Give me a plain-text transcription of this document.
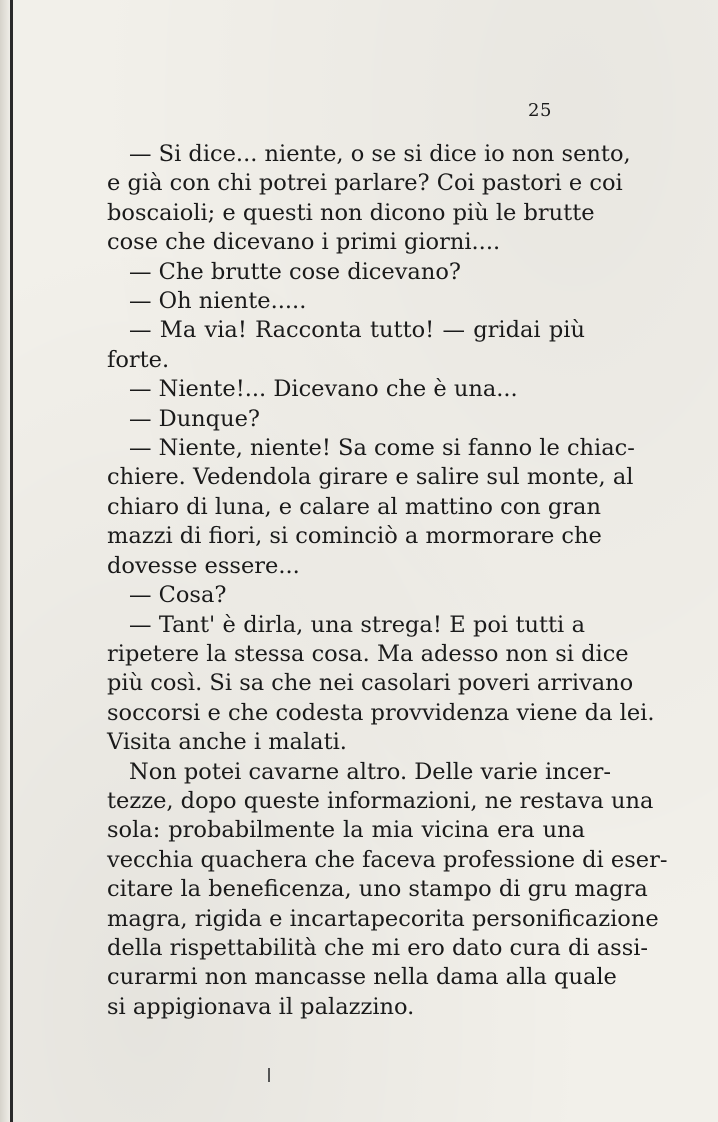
25
— Si dice... niente, o se si dice io non sento,
e già con chi potrei parlare? Coi pastori e coi
boscaioli; e questi non dicono più le brutte
cose che dicevano i primi giorni....
— Che brutte cose dicevano?
— Oh niente.....
— Ma via! Racconta tutto! — gridai più
forte.
— Niente!... Dicevano che è una...
— Dunque?
— Niente, niente! Sa come si fanno le chiac-
chiere. Vedendola girare e salire sul monte, al
chiaro di luna, e calare al mattino con gran
mazzi di fiori, si cominciò a mormorare che
dovesse essere...
— Cosa?
— Tant' è dirla, una strega! E poi tutti a
ripetere la stessa cosa. Ma adesso non si dice
più così. Si sa che nei casolari poveri arrivano
soccorsi e che codesta provvidenza viene da lei.
Visita anche i malati.
Non potei cavarne altro. Delle varie incer-
tezze, dopo queste informazioni, ne restava una
sola: probabilmente la mia vicina era una
vecchia quachera che faceva professione di eser-
citare la beneficenza, uno stampo di gru magra
magra, rigida e incartapecorita personificazione
della rispettabilità che mi ero dato cura di assi-
curarmi non mancasse nella dama alla quale
si appigionava il palazzino.
